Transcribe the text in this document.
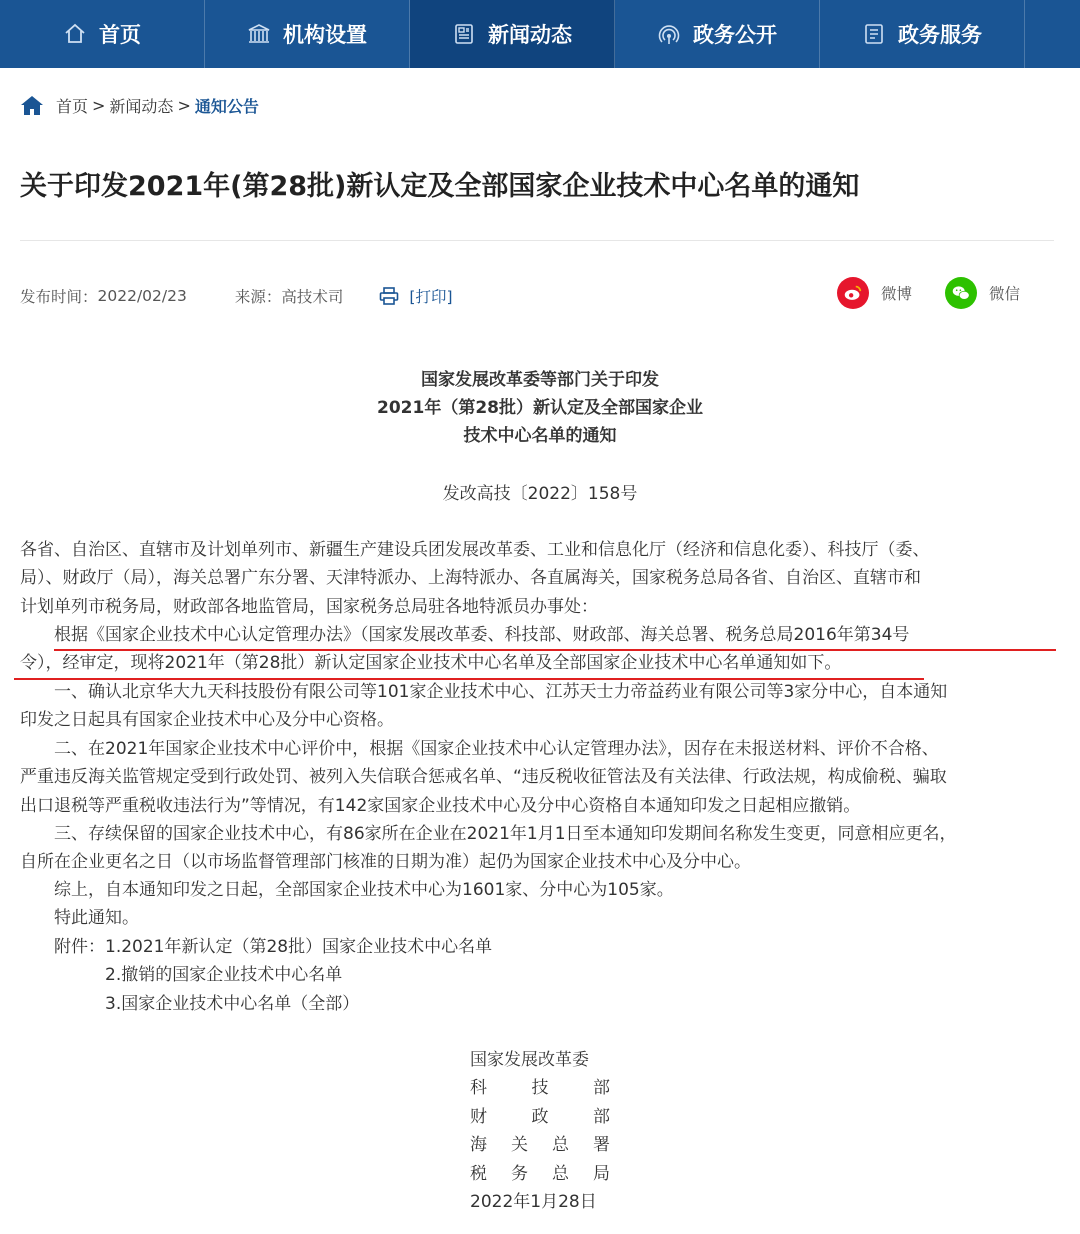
首页	机构设置	新闻动态	政务公开	政务服务
首页 > 新闻动态 > 通知公告
关于印发2021年(第28批)新认定及全部国家企业技术中心名单的通知
发布时间： 2022/02/23	来源： 高技术司	[打印]	微博	微信
国家发展改革委等部门关于印发
2021年（第28批）新认定及全部国家企业
技术中心名单的通知
发改高技〔2022〕158号
各省、自治区、直辖市及计划单列市、新疆生产建设兵团发展改革委、工业和信息化厅（经济和信息化委）、科技厅（委、
局）、财政厅（局），海关总署广东分署、天津特派办、上海特派办、各直属海关，国家税务总局各省、自治区、直辖市和
计划单列市税务局，财政部各地监管局，国家税务总局驻各地特派员办事处：
　　根据《国家企业技术中心认定管理办法》（国家发展改革委、科技部、财政部、海关总署、税务总局2016年第34号
令），经审定，现将2021年（第28批）新认定国家企业技术中心名单及全部国家企业技术中心名单通知如下。
　　一、确认北京华大九天科技股份有限公司等101家企业技术中心、江苏天士力帝益药业有限公司等3家分中心，自本通知
印发之日起具有国家企业技术中心及分中心资格。
　　二、在2021年国家企业技术中心评价中，根据《国家企业技术中心认定管理办法》，因存在未报送材料、评价不合格、
严重违反海关监管规定受到行政处罚、被列入失信联合惩戒名单、“违反税收征管法及有关法律、行政法规，构成偷税、骗取
出口退税等严重税收违法行为”等情况，有142家国家企业技术中心及分中心资格自本通知印发之日起相应撤销。
　　三、存续保留的国家企业技术中心，有86家所在企业在2021年1月1日至本通知印发期间名称发生变更，同意相应更名，
自所在企业更名之日（以市场监督管理部门核准的日期为准）起仍为国家企业技术中心及分中心。
　　综上，自本通知印发之日起，全部国家企业技术中心为1601家、分中心为105家。
　　特此通知。
　　附件：1.2021年新认定（第28批）国家企业技术中心名单
　　　　　2.撤销的国家企业技术中心名单
　　　　　3.国家企业技术中心名单（全部）
国家发展改革委
科	技	部
财	政	部
海 关 总 署
税 务 总 局
2022年1月28日
